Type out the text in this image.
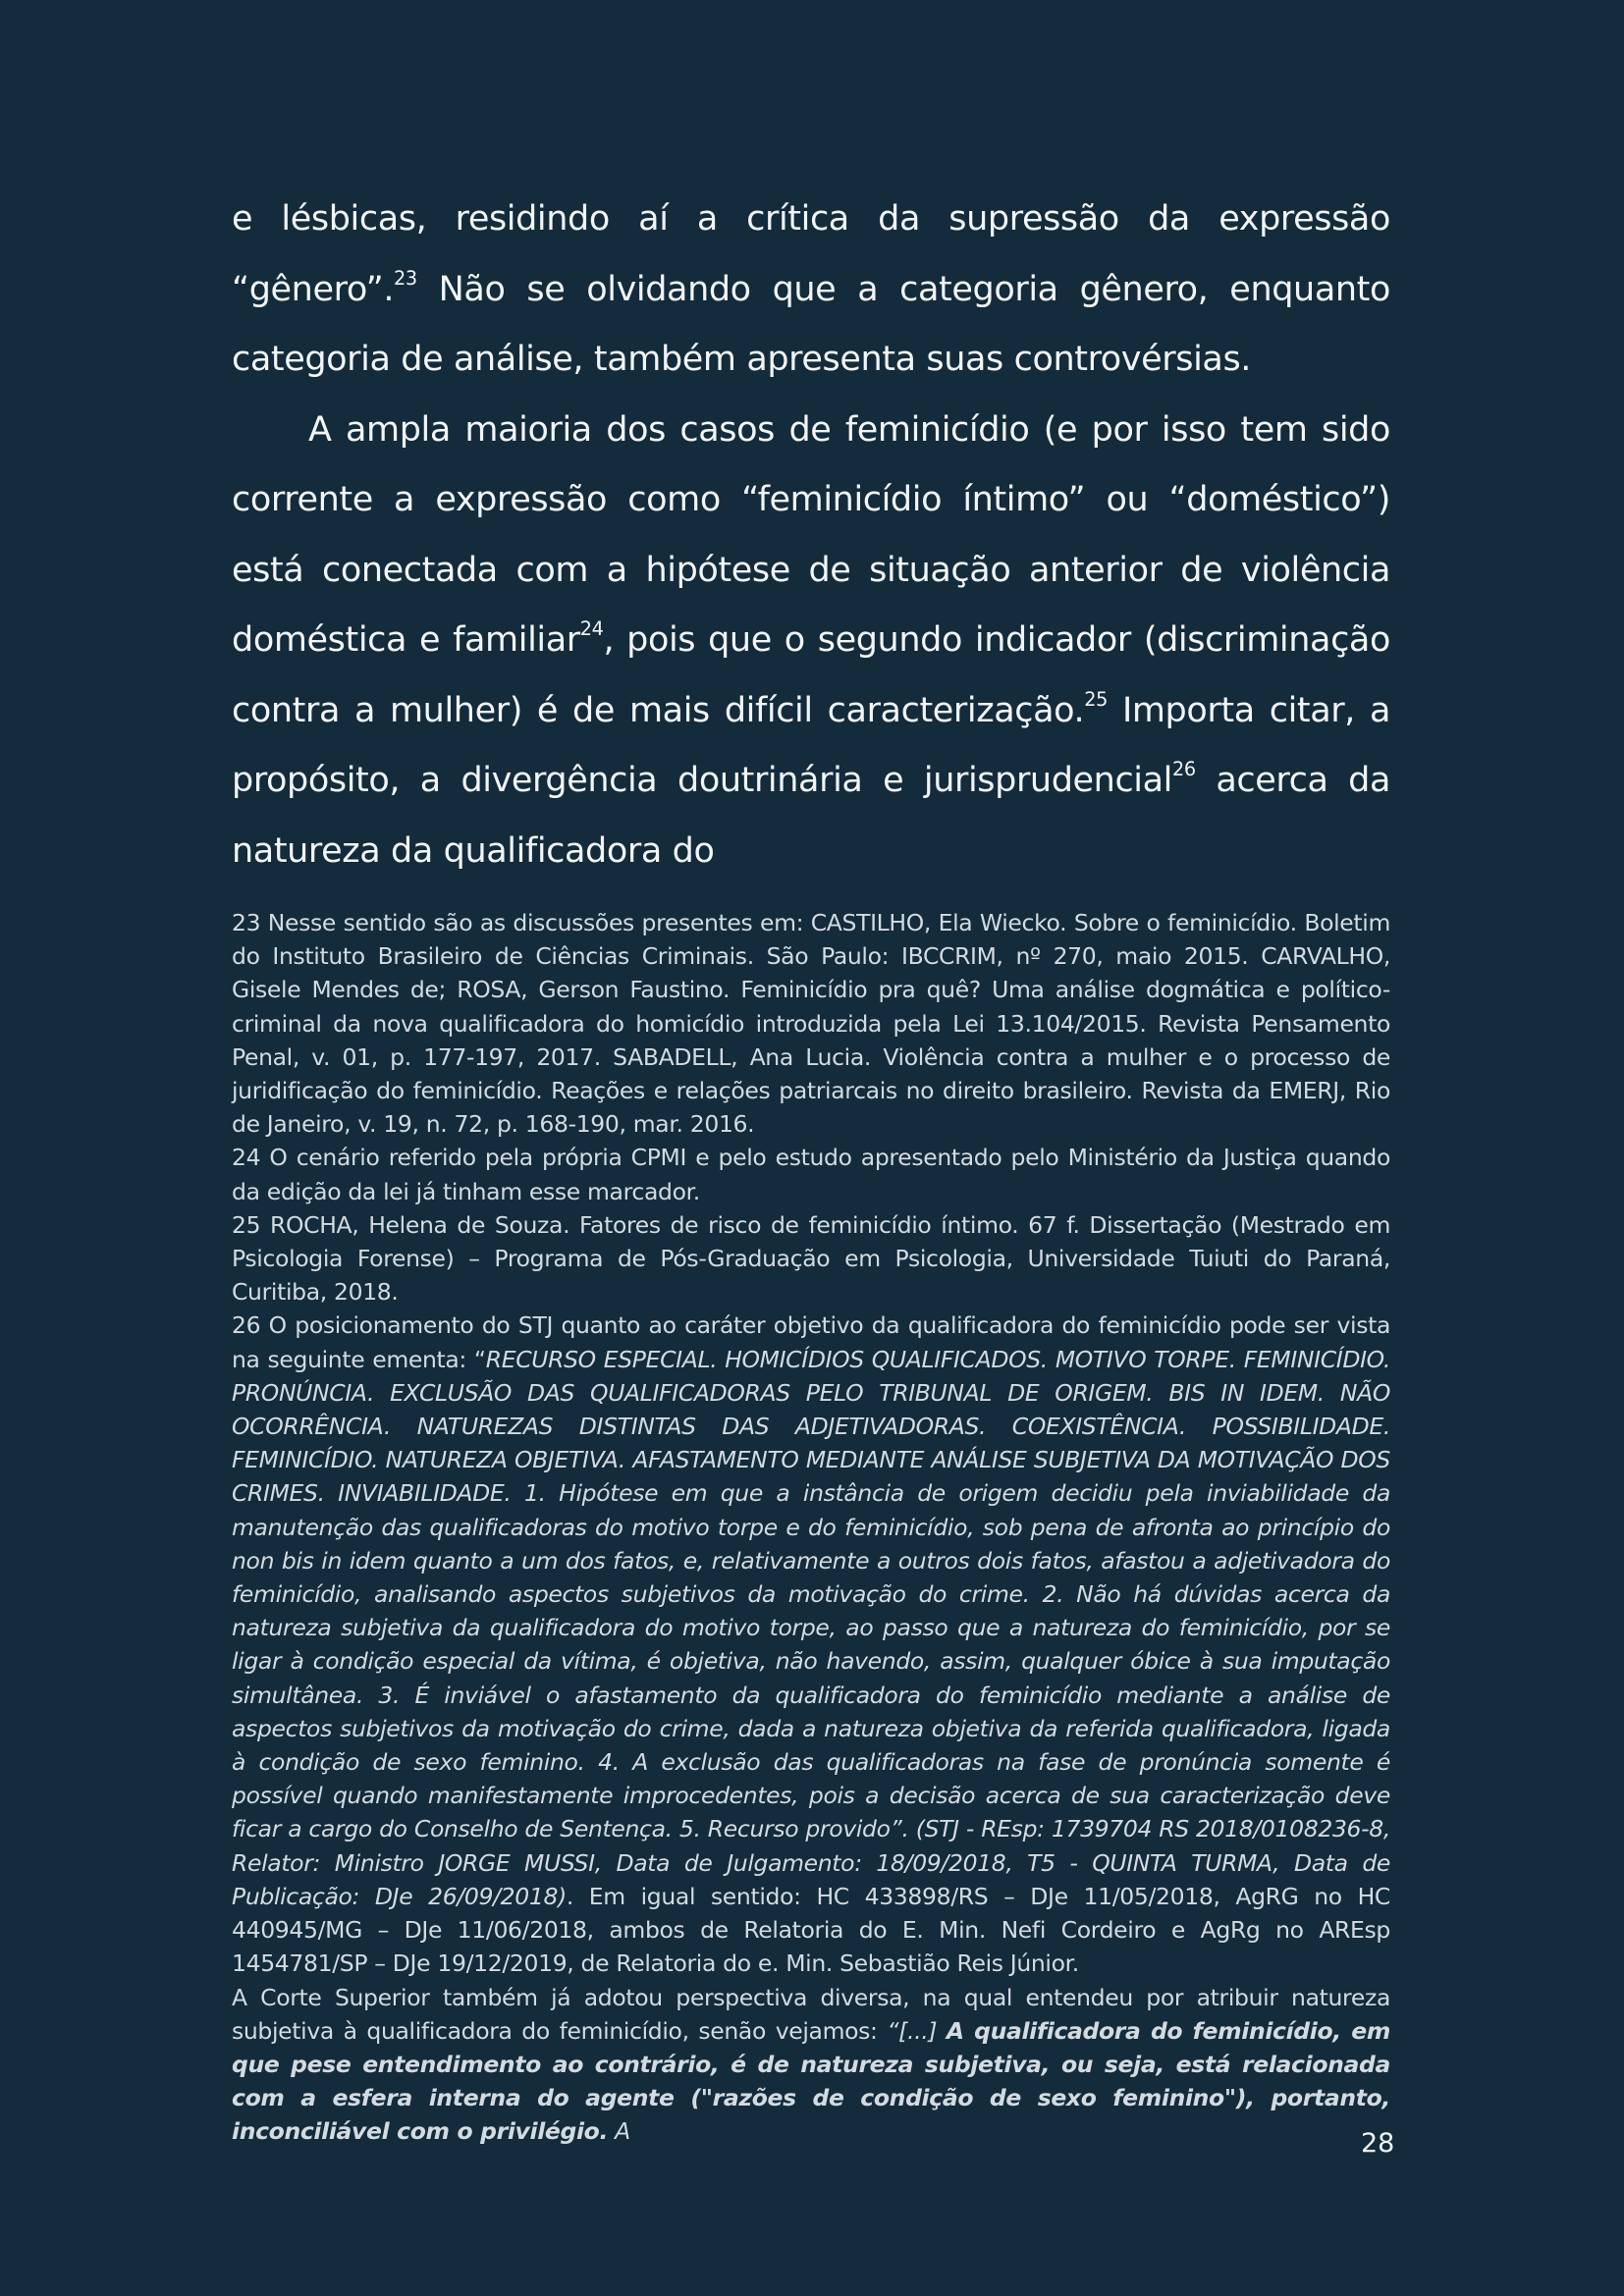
e lésbicas, residindo aí a crítica da supressão da expressão “gênero”.$^{23}$ Não se olvidando que a categoria gênero, enquanto categoria de análise, também apresenta suas controvérsias.

A ampla maioria dos casos de feminicídio (e por isso tem sido corrente a expressão como “feminicídio íntimo” ou “doméstico”) está conectada com a hipótese de situação anterior de violência doméstica e familiar$^{24}$, pois que o segundo indicador (discriminação contra a mulher) é de mais difícil caracterização.$^{25}$ Importa citar, a propósito, a divergência doutrinária e jurisprudencial$^{26}$ acerca da natureza da qualificadora do

23 Nesse sentido são as discussões presentes em: CASTILHO, Ela Wiecko. Sobre o feminicídio. Boletim do Instituto Brasileiro de Ciências Criminais. São Paulo: IBCCRIM, nº 270, maio 2015. CARVALHO, Gisele Mendes de; ROSA, Gerson Faustino. Feminicídio pra quê? Uma análise dogmática e político-criminal da nova qualificadora do homicídio introduzida pela Lei 13.104/2015. Revista Pensamento Penal, v. 01, p. 177-197, 2017. SABADELL, Ana Lucia. Violência contra a mulher e o processo de juridificação do feminicídio. Reações e relações patriarcais no direito brasileiro. Revista da EMERJ, Rio de Janeiro, v. 19, n. 72, p. 168-190, mar. 2016.

24 O cenário referido pela própria CPMI e pelo estudo apresentado pelo Ministério da Justiça quando da edição da lei já tinham esse marcador.

25 ROCHA, Helena de Souza. Fatores de risco de feminicídio íntimo. 67 f. Dissertação (Mestrado em Psicologia Forense) – Programa de Pós-Graduação em Psicologia, Universidade Tuiuti do Paraná, Curitiba, 2018.

26 O posicionamento do STJ quanto ao caráter objetivo da qualificadora do feminicídio pode ser vista na seguinte ementa: “RECURSO ESPECIAL. HOMICÍDIOS QUALIFICADOS. MOTIVO TORPE. FEMINICÍDIO. PRONÚNCIA. EXCLUSÃO DAS QUALIFICADORAS PELO TRIBUNAL DE ORIGEM. BIS IN IDEM. NÃO OCORRÊNCIA. NATUREZAS DISTINTAS DAS ADJETIVADORAS. COEXISTÊNCIA. POSSIBILIDADE. FEMINICÍDIO. NATUREZA OBJETIVA. AFASTAMENTO MEDIANTE ANÁLISE SUBJETIVA DA MOTIVAÇÃO DOS CRIMES. INVIABILIDADE. 1. Hipótese em que a instância de origem decidiu pela inviabilidade da manutenção das qualificadoras do motivo torpe e do feminicídio, sob pena de afronta ao princípio do non bis in idem quanto a um dos fatos, e, relativamente a outros dois fatos, afastou a adjetivadora do feminicídio, analisando aspectos subjetivos da motivação do crime. 2. Não há dúvidas acerca da natureza subjetiva da qualificadora do motivo torpe, ao passo que a natureza do feminicídio, por se ligar à condição especial da vítima, é objetiva, não havendo, assim, qualquer óbice à sua imputação simultânea. 3. É inviável o afastamento da qualificadora do feminicídio mediante a análise de aspectos subjetivos da motivação do crime, dada a natureza objetiva da referida qualificadora, ligada à condição de sexo feminino. 4. A exclusão das qualificadoras na fase de pronúncia somente é possível quando manifestamente improcedentes, pois a decisão acerca de sua caracterização deve ficar a cargo do Conselho de Sentença. 5. Recurso provido”. (STJ - REsp: 1739704 RS 2018/0108236-8, Relator: Ministro JORGE MUSSI, Data de Julgamento: 18/09/2018, T5 - QUINTA TURMA, Data de Publicação: DJe 26/09/2018). Em igual sentido: HC 433898/RS – DJe 11/05/2018, AgRG no HC 440945/MG – DJe 11/06/2018, ambos de Relatoria do E. Min. Nefi Cordeiro e AgRg no AREsp 1454781/SP – DJe 19/12/2019, de Relatoria do e. Min. Sebastião Reis Júnior.

A Corte Superior também já adotou perspectiva diversa, na qual entendeu por atribuir natureza subjetiva à qualificadora do feminicídio, senão vejamos: “[...] A qualificadora do feminicídio, em que pese entendimento ao contrário, é de natureza subjetiva, ou seja, está relacionada com a esfera interna do agente ("razões de condição de sexo feminino"), portanto, inconciliável com o privilégio. A	28
